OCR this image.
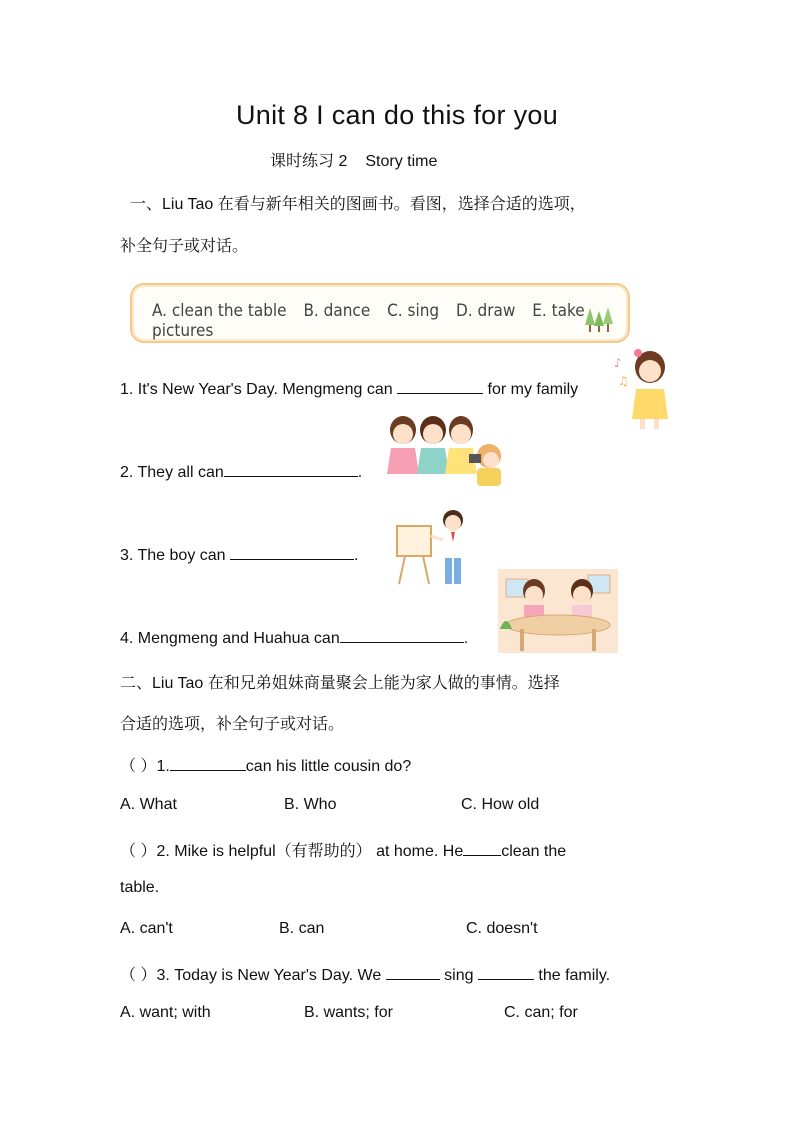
Unit 8 I can do this for you
课时练习 2 Story time
一、Liu Tao 在看与新年相关的图画书。看图，选择合适的选项，
补全句子或对话。
A. clean the table B. dance C. sing D. draw E. take pictures
1. It's New Year's Day. Mengmeng can	for my family
2. They all can	.
3. The boy can	.
4. Mengmeng and Huahua can	.
♪
♫
二、Liu Tao 在和兄弟姐妹商量聚会上能为家人做的事情。选择
合适的选项，补全句子或对话。
（ ）1.	can his little cousin do?
A. What	B. Who	C. How old
（ ）2. Mike is helpful（有帮助的） at home. He clean the
table.
A. can't	B. can	C. doesn't
（ ）3. Today is New Year's Day. We	sing	the family.
A. want; with	B. wants; for	C. can; for
